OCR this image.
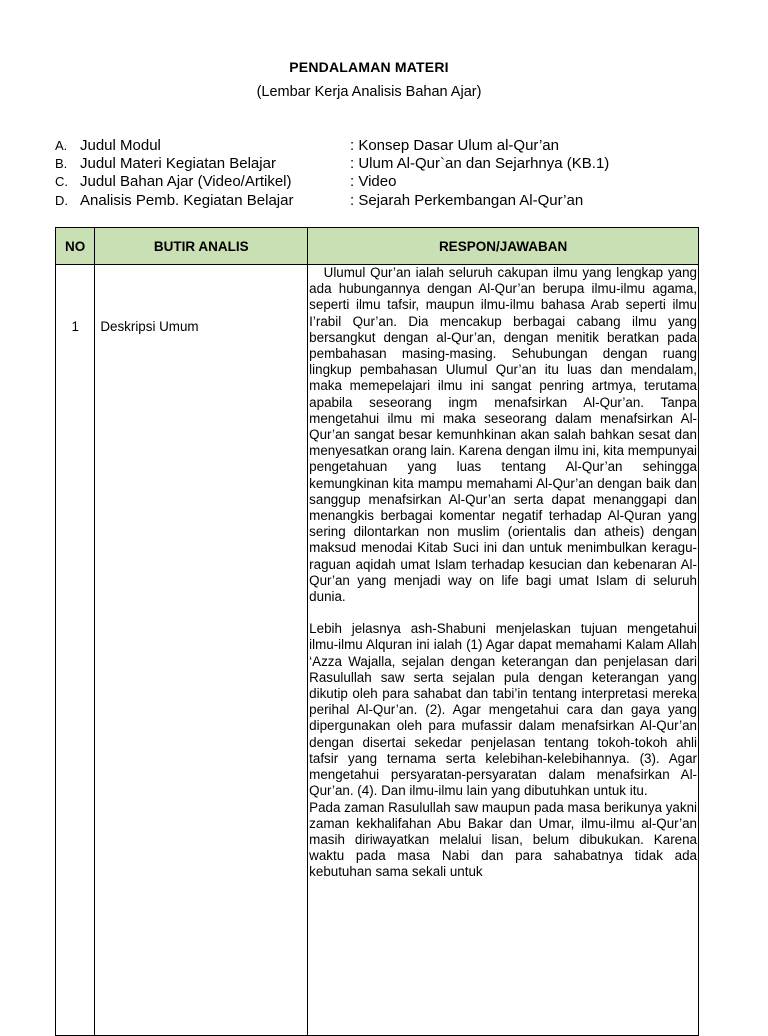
PENDALAMAN MATERI
(Lembar Kerja Analisis Bahan Ajar)
A. Judul Modul	: Konsep Dasar Ulum al-Qur’an
B. Judul Materi Kegiatan Belajar	: Ulum Al-Qur`an dan Sejarhnya (KB.1)
C. Judul Bahan Ajar (Video/Artikel)	: Video
D. Analisis Pemb. Kegiatan Belajar	: Sejarah Perkembangan Al-Qur’an
NO	BUTIR ANALIS	RESPON/JAWABAN
1	Deskripsi Umum	Ulumul Qur’an ialah seluruh cakupan ilmu yang lengkap yang ada hubungannya dengan Al-Qur’an berupa ilmu-ilmu agama, seperti ilmu tafsir, maupun ilmu-ilmu bahasa Arab seperti ilmu I’rabil Qur’an. Dia mencakup berbagai cabang ilmu yang bersangkut dengan al-Qur’an, dengan menitik beratkan pada pembahasan masing-masing. Sehubungan dengan ruang lingkup pembahasan Ulumul Qur’an itu luas dan mendalam, maka memepelajari ilmu ini sangat penring artmya, terutama apabila seseorang ingm menafsirkan Al-Qur’an. Tanpa mengetahui ilmu mi maka seseorang dalam menafsirkan Al-Qur’an sangat besar kemunhkinan akan salah bahkan sesat dan menyesatkan orang lain. Karena dengan ilmu ini, kita mempunyai pengetahuan yang luas tentang Al-Qur’an sehingga kemungkinan kita mampu memahami Al-Qur’an dengan baik dan sanggup menafsirkan Al-Qur’an serta dapat menanggapi dan menangkis berbagai komentar negatif terhadap Al-Quran yang sering dilontarkan non muslim (orientalis dan atheis) dengan maksud menodai Kitab Suci ini dan untuk menimbulkan keragu-raguan aqidah umat Islam terhadap kesucian dan kebenaran Al-Qur’an yang menjadi way on life bagi umat Islam di seluruh dunia.

Lebih jelasnya ash-Shabuni menjelaskan tujuan mengetahui ilmu-ilmu Alquran ini ialah (1) Agar dapat memahami Kalam Allah ‘Azza Wajalla, sejalan dengan keterangan dan penjelasan dari Rasulullah saw serta sejalan pula dengan keterangan yang dikutip oleh para sahabat dan tabi’in tentang interpretasi mereka perihal Al-Qur’an. (2). Agar mengetahui cara dan gaya yang dipergunakan oleh para mufassir dalam menafsirkan Al-Qur’an dengan disertai sekedar penjelasan tentang tokoh-tokoh ahli tafsir yang ternama serta kelebihan-kelebihannya. (3). Agar mengetahui persyaratan-persyaratan dalam menafsirkan Al-Qur’an. (4). Dan ilmu-ilmu lain yang dibutuhkan untuk itu.

Pada zaman Rasulullah saw maupun pada masa berikunya yakni zaman kekhalifahan Abu Bakar dan Umar, ilmu-ilmu al-Qur’an masih diriwayatkan melalui lisan, belum dibukukan. Karena waktu pada masa Nabi dan para sahabatnya tidak ada kebutuhan sama sekali untuk
